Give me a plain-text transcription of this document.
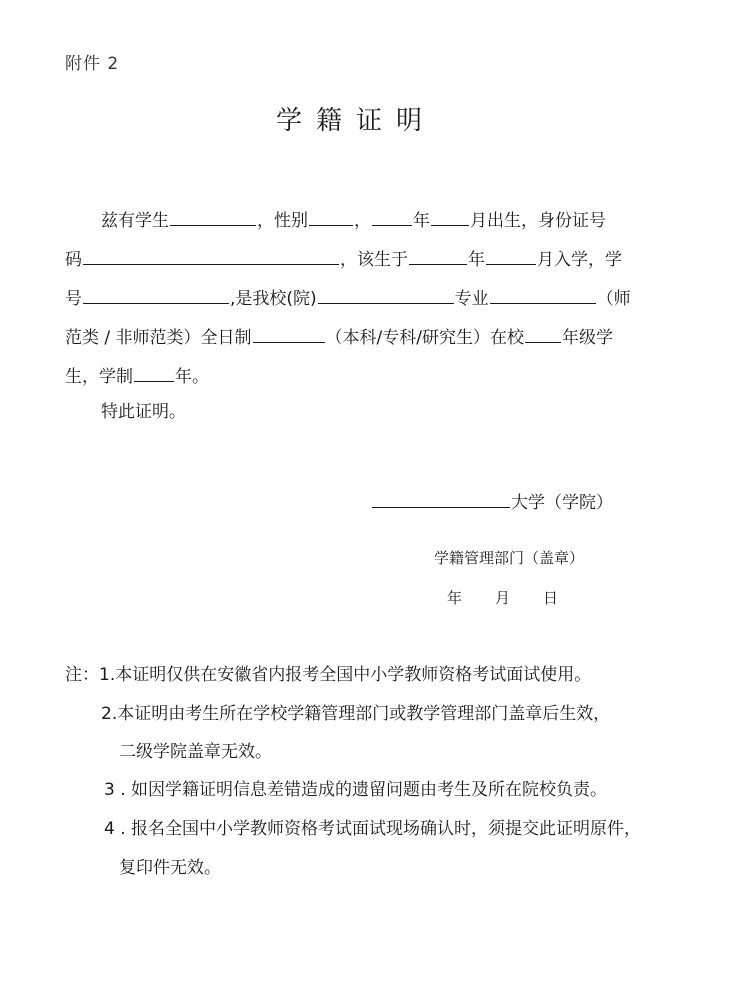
附件 2
学籍证明
兹有学生	，性别	， 年 月出生，身份证号
码	，该生于	年	月入学，学
号	,是我校(院)	专业	（师
范类 / 非师范类）全日制	（本科/专科/研究生）在校 年级学
生，学制 年。
特此证明。
大学（学院）
学籍管理部门（盖章）
年 月 日
注：1.本证明仅供在安徽省内报考全国中小学教师资格考试面试使用。
2.本证明由考生所在学校学籍管理部门或教学管理部门盖章后生效，
二级学院盖章无效。
3 . 如因学籍证明信息差错造成的遗留问题由考生及所在院校负责。
4 . 报名全国中小学教师资格考试面试现场确认时，须提交此证明原件，
复印件无效。
